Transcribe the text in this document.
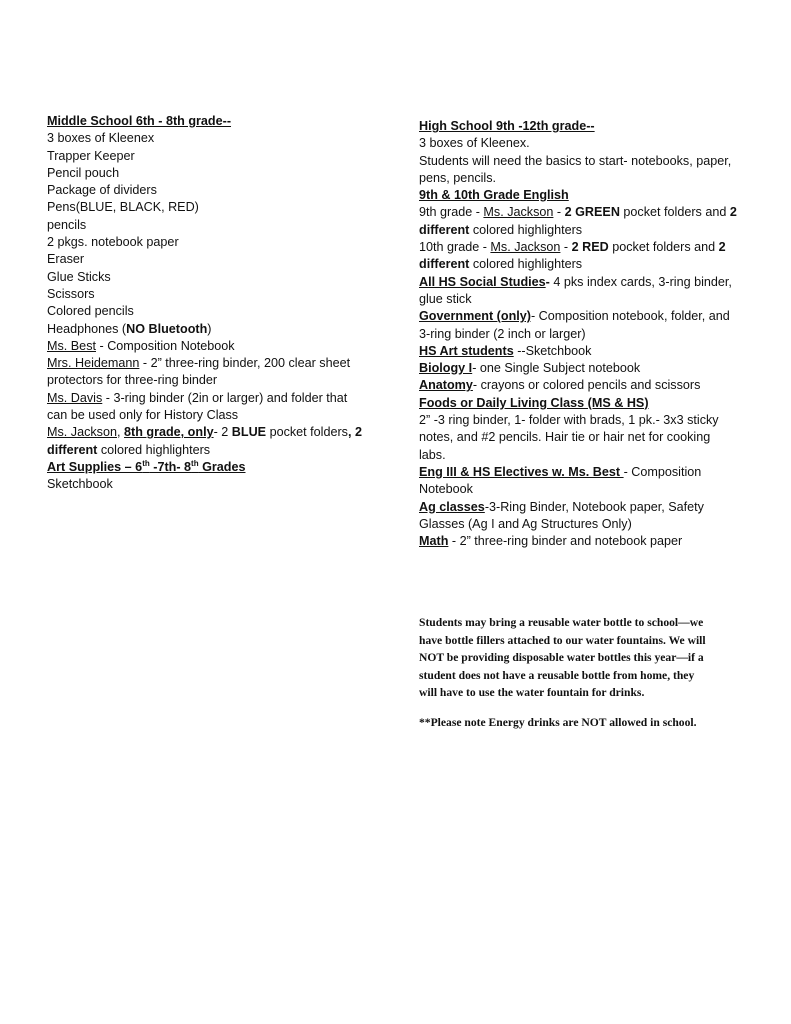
Middle School 6th - 8th grade--
3 boxes of Kleenex
Trapper Keeper
Pencil pouch
Package of dividers
Pens(BLUE, BLACK, RED)
pencils
2 pkgs. notebook paper
Eraser
Glue Sticks
Scissors
Colored pencils
Headphones (NO Bluetooth)
Ms. Best - Composition Notebook
Mrs. Heidemann - 2” three-ring binder, 200 clear sheet
protectors for three-ring binder
Ms. Davis - 3-ring binder (2in or larger) and folder that
can be used only for History Class
Ms. Jackson, 8th grade, only- 2 BLUE pocket folders, 2
different colored highlighters
Art Supplies – 6th -7th- 8th Grades
Sketchbook
High School 9th -12th grade--
3 boxes of Kleenex.
Students will need the basics to start- notebooks, paper,
pens, pencils.
9th & 10th Grade English
9th grade - Ms. Jackson - 2 GREEN pocket folders and 2
different colored highlighters
10th grade - Ms. Jackson - 2 RED pocket folders and 2
different colored highlighters
All HS Social Studies- 4 pks index cards, 3-ring binder,
glue stick
Government (only)- Composition notebook, folder, and
3-ring binder (2 inch or larger)
HS Art students --Sketchbook
Biology I- one Single Subject notebook
Anatomy- crayons or colored pencils and scissors
Foods or Daily Living Class (MS & HS)
2” -3 ring binder, 1- folder with brads, 1 pk.- 3x3 sticky
notes, and #2 pencils. Hair tie or hair net for cooking
labs.
Eng III & HS Electives w. Ms. Best - Composition
Notebook
Ag classes-3-Ring Binder, Notebook paper, Safety
Glasses (Ag I and Ag Structures Only)
Math - 2” three-ring binder and notebook paper
Students may bring a reusable water bottle to school—we
have bottle fillers attached to our water fountains. We will
NOT be providing disposable water bottles this year—if a
student does not have a reusable bottle from home, they
will have to use the water fountain for drinks.
**Please note Energy drinks are NOT allowed in school.
